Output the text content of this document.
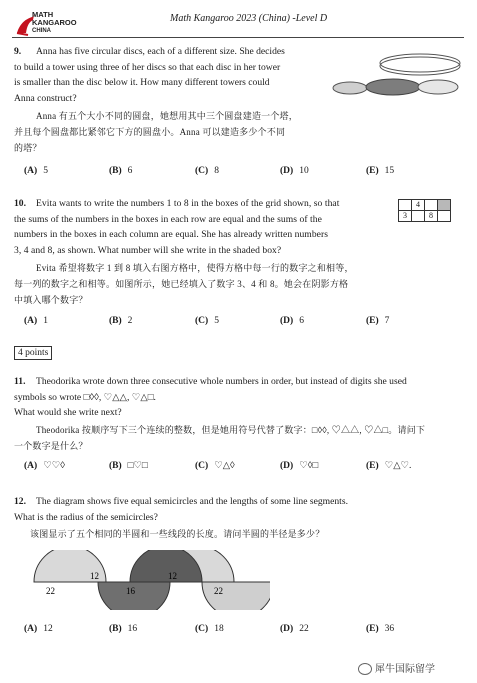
MATH
KANGAROO
CHINA
Math Kangaroo 2023 (China) -Level D
9. Anna has five circular discs, each of a different size. She decides
to build a tower using three of her discs so that each disc in her tower
is smaller than the disc below it. How many different towers could
Anna construct?
Anna 有五个大小不同的圆盘，她想用其中三个圆盘建造一个塔，
并且每个圆盘都比紧邻它下方的圆盘小。Anna 可以建造多少个不同
的塔？
(A) 5	(B) 6	(C) 8	(D) 10	(E) 15
10. Evita wants to write the numbers 1 to 8 in the boxes of the grid shown, so that
the sums of the numbers in the boxes in each row are equal and the sums of the
numbers in the boxes in each column are equal. She has already written numbers
3, 4 and 8, as shown. What number will she write in the shaded box?
	4		
3		8	
Evita 希望将数字 1 到 8 填入右图方格中，使得方格中每一行的数字之和相等，
每一列的数字之和相等。如图所示，她已经填入了数字 3、4 和 8。她会在阴影方格
中填入哪个数字？
(A) 1	(B) 2	(C) 5	(D) 6	(E) 7
4 points
11. Theodorika wrote down three consecutive whole numbers in order, but instead of digits she used
symbols so wrote □◊◊, ♡△△, ♡△□.
What would she write next?
Theodorika 按顺序写下三个连续的整数，但是她用符号代替了数字：□◊◊, ♡△△, ♡△□。请问下
一个数字是什么？
(A) ♡♡◊	(B) □♡□	(C) ♡△◊	(D) ♡◊□	(E) ♡△♡.
12. The diagram shows five equal semicircles and the lengths of some line segments.
What is the radius of the semicircles?
该图显示了五个相同的半圆和一些线段的长度。请问半圆的半径是多少？
22
12
16
12
22
(A) 12	(B) 16	(C) 18	(D) 22	(E) 36
犀牛国际留学
